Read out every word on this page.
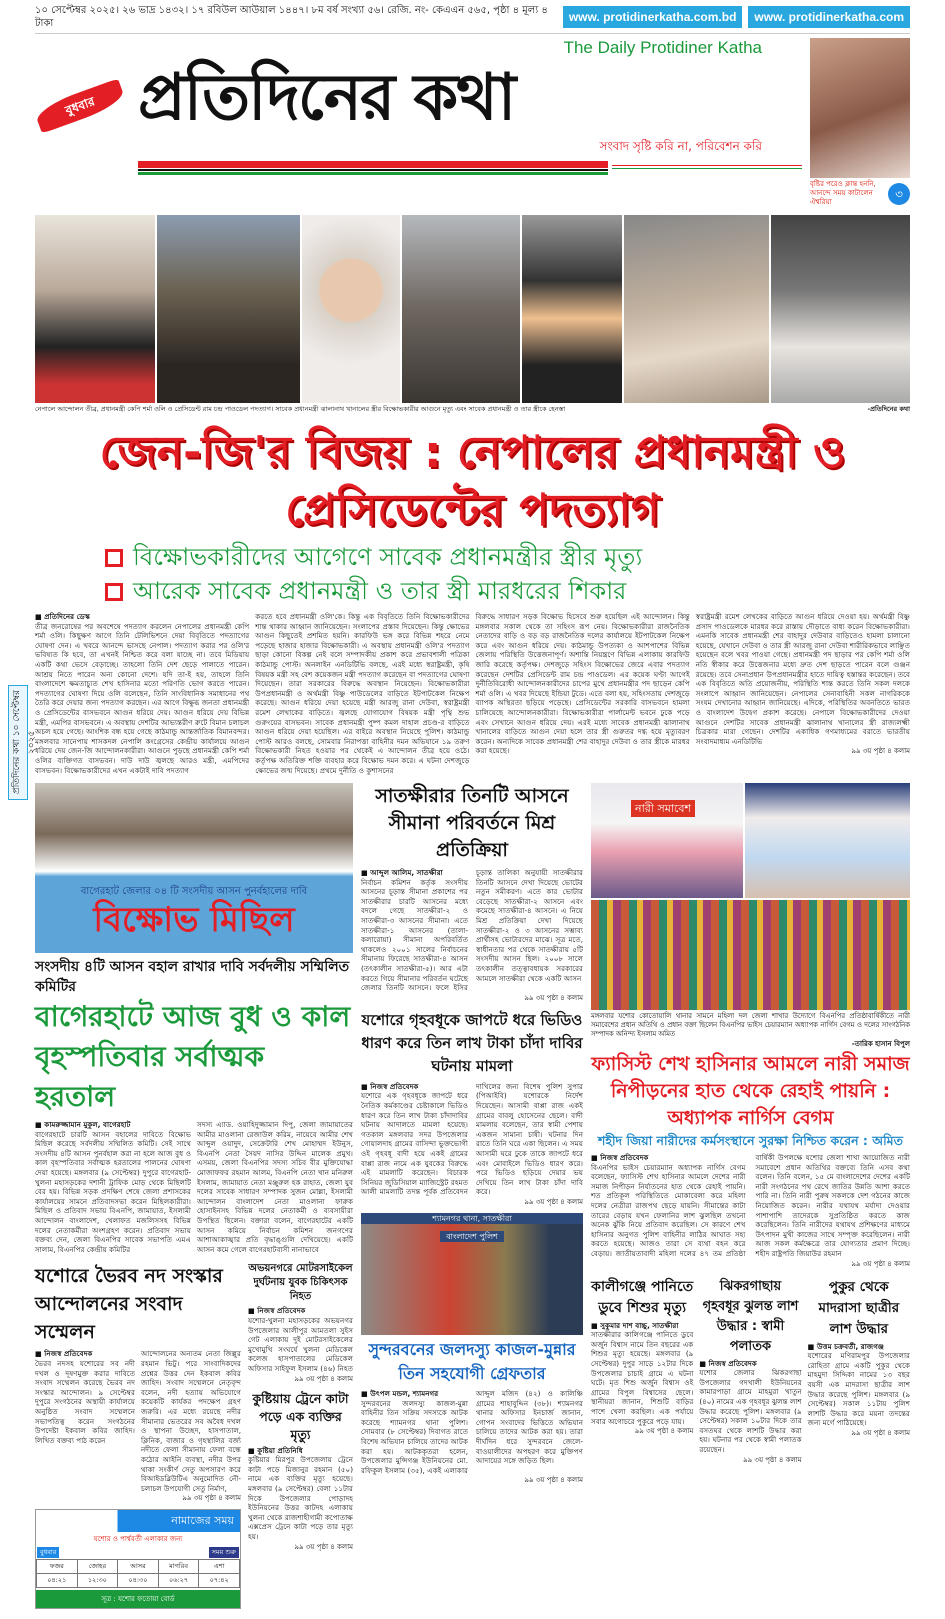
১০ সেপ্টেম্বর ২০২৫। ২৬ ভাদ্র ১৪৩২। ১৭ রবিউল আউয়াল ১৪৪৭। ৮ম বর্ষ সংখ্যা ৫৬। রেজি. নং- কেএএন ৫৬৫, পৃষ্ঠা ৪ মূল্য ৪ টাকা	www. protidinerkatha.com.bd	www. protidinerkatha.com
বুধবার
The Daily Protidiner Katha
প্রতিদিনের কথা
সংবাদ সৃষ্টি করি না, পরিবেশন করি
বৃষ্টির পরেও ক্লান্ত হননি, আনন্দে সময় কাটালেন ঐশ্বরিয়া
৩
নেপালে আন্দোলন তীব্র, প্রধানমন্ত্রী কেপি শর্মা ওলি ও প্রেসিডেন্ট রাম চন্দ্র পাওডেল পদত্যাগ। সাবেক প্রধানমন্ত্রী ঝালানাথ খানালের স্ত্রীর বিক্ষোভকারীর আগুনে মৃত্যু এবং সাবেক প্রধানমন্ত্রী ও তার স্ত্রীকে হেনস্তা	-প্রতিদিনের কথা
জেন-জি'র বিজয় : নেপালের প্রধানমন্ত্রী ও প্রেসিডেন্টের পদত্যাগ
বিক্ষোভকারীদের আগেণে সাবেক প্রধানমন্ত্রীর স্ত্রীর মৃত্যু
আরেক সাবেক প্রধানমন্ত্রী ও তার স্ত্রী মারধরের শিকার
■ প্রতিদিনের ডেস্ক
তীব্র জনরোষের পর অবশেষে পদত্যাগ করলেন নেপালের প্রধানমন্ত্রী কেপি শর্মা ওলি। কিছুক্ষণ আগে তিনি টেলিভিশনে দেয়া বিবৃতিতে পদত্যাগের ঘোষণা দেন। এ খবরে আনন্দে ভাসছে নেপাল। পদত্যাগ করার পর ওলি'র ভবিষ্যত কি হবে, তা এখনই নিশ্চিত করে বলা যাচ্ছে না। তবে মিডিয়ায় একটি কথা ভেসে বেড়াচ্ছে। তাহলো তিনি দেশ ছেড়ে পালাতে পারেন। আশ্রয় নিতে পারেন অন্য কোনো দেশে। যদি তা-ই হয়, তাহলে তিনি বাংলাদেশে ক্ষমতাচ্যুত শেখ হাসিনার মতো পরিণতি ভোগ করতে পারেন। পদত্যাগের ঘোষণা দিয়ে ওলি বলেছেন, তিনি সাংবিধানিক সমাধানের পথ তৈরি করে দেয়ার জন্য পদত্যাগ করছেন। এর আগে বিক্ষুব্ধ জনতা প্রধানমন্ত্রী ও প্রেসিডেন্টের বাসভবনে আগুন ধরিয়ে দেয়। আগুন ধরিয়ে দেয় বিভিন্ন মন্ত্রী, এমপির বাসভবনে। এ অবস্থায় দেশটির আভ্যন্তরীণ রুটে বিমান চলাচল অচল হয়ে গেছে। আংশিক বন্ধ হয়ে গেছে কাঠমান্ডু আন্তর্জাতিক বিমানবন্দর। মঙ্গলবার সানেপায় শাসকদল নেপালি কংগ্রেসের কেন্দ্রীয় কার্যালয়ে আগুন ধরিয়ে দেয় জেন-জি আন্দোলনকারীরা। আগুনে পুড়ছে প্রধানমন্ত্রী কেপি শর্মা ওলির ব্যক্তিগত বাসভবন। দাউ দাউ জ্বলছে আরও মন্ত্রী, এমপিদের বাসভবন। বিক্ষোভকারীদের এখন একটাই দাবি পদত্যাগ
করতে হবে প্রধানমন্ত্রী ওলি'কে। কিন্তু এক বিবৃতিতে তিনি বিক্ষোভকারীদের শান্ত থাকার আহ্বান জানিয়েছেন। সংলাপের প্রস্তাব দিয়েছেন। কিন্তু ক্ষোভের আগুন কিছুতেই প্রশমিত হয়নি। কারফিউ ভঙ্গ করে বিভিন্ন শহরে নেমে পড়েছে হাজার হাজার বিক্ষোভকারী। এ অবস্থায় প্রধানমন্ত্রী ওলি'র পদত্যাগ ছাড়া কোনো বিকল্প নেই বলে সম্পাদকীয় প্রকাশ করে প্রভাবশালী পত্রিকা কাঠমান্ডু পোস্ট। অনলাইন এনডিটিভি বলছে, এরই মধ্যে স্বরাষ্ট্রমন্ত্রী, কৃষি বিষয়ক মন্ত্রী সহ বেশ কয়েকজন মন্ত্রী পদত্যাগ করেছেন বা পদত্যাগের ঘোষণা দিয়েছেন। তারা সরকারের বিরুদ্ধে অবস্থান নিয়েছেন। বিক্ষোভকারীরা উপপ্রধানমন্ত্রী ও অর্থমন্ত্রী বিষ্ণু পাউডেলের বাড়িতে ইটপাটকেল নিক্ষেপ করেছে। আগুন ধরিয়ে দেয়া হয়েছে মন্ত্রী আরজু রানা দেউবা, স্বরাষ্ট্রমন্ত্রী রমেশ লেখাকের বাড়িতে। জ্বলছে যোগাযোগ বিষয়ক মন্ত্রী পৃথ্বি শুভ গুরুংয়ের বাসভবন। সাবেক প্রধানমন্ত্রী পুষ্প কমল দাহাল প্রচণ্ড-র বাড়িতে আগুন ধরিয়ে দেয়া হয়েছিল। এর বাইরে অবস্থান নিয়েছে পুলিশ। কাঠমান্ডু পোস্ট আরও বলছে, সোমবার নিরাপত্তা বাহিনীর দমন অভিযানে ১৯ তরুণ বিক্ষোভকারী নিহত হওয়ার পর থেকেই এ আন্দোলন তীব্র হয়ে ওঠে। কর্তৃপক্ষ অতিরিক্ত শক্তি ব্যবহার করে বিক্ষোভ দমন করে। এ ঘটনা দেশজুড়ে ক্ষোভের জন্ম দিয়েছে। প্রথমে দুর্নীতি ও কুশাসনের
বিরুদ্ধে সাধারণ সড়ক বিক্ষোভ হিসেবে শুরু হয়েছিল এই আন্দোলন। কিন্তু মঙ্গলবার সকাল থেকে তা সহিংস রূপ নেয়। বিক্ষোভকারীরা রাজনৈতিক নেতাদের বাড়ি ও বড় বড় রাজনৈতিক দলের কার্যালয়ে ইটপাটকেল নিক্ষেপ করে এবং আগুন ধরিয়ে দেয়। কাঠমান্ডু উপত্যকা ও আশপাশের বিভিন্ন জেলায় পরিস্থিতি উত্তেজনাপূর্ণ। অশান্তি নিয়ন্ত্রণে বিভিন্ন এলাকায় কারফিউ জারি করেছে কর্তৃপক্ষ। দেশজুড়ে সহিংস বিক্ষোভের জেরে এবার পদত্যাগ করেছেন দেশটির প্রেসিডেন্ট রাম চন্দ্র পাওডেল। এর কয়েক ঘণ্টা আগেই দুর্নীতিবিরোধী আন্দোলনকারীদের চাপের মুখে প্রধানমন্ত্রীর পদ ছাড়েন কেপি শর্মা ওলি। এ খবর দিয়েছে ইন্ডিয়া টুডে। এতে বলা হয়, সহিংসতায় দেশজুড়ে ব্যাপক অস্থিরতা ছড়িয়ে পড়েছে। প্রেসিডেন্টের সরকারি বাসভবনে হামলা চালিয়েছে আন্দোলনকারীরা। বিক্ষোভকারীরা পার্লামেন্ট ভবনে ঢুকে পড়ে এবং সেখানে আগুন ধরিয়ে দেয়। এরই মধ্যে সাবেক প্রধানমন্ত্রী ঝালানাথ খানালের বাড়িতে আগুন দেয়া হলে তার স্ত্রী গুরুতর দগ্ধ হয়ে মৃত্যুবরণ করেন। অন্যদিকে সাবেক প্রধানমন্ত্রী শের বাহাদুর দেউবা ও তার স্ত্রীকে মারধর করা হয়েছে।
স্বরাষ্ট্রমন্ত্রী রমেশ লেখকের বাড়িতে আগুন ধরিয়ে দেওয়া হয়। অর্থমন্ত্রী বিষ্ণু প্রসাদ পাওডেলকে মারধর করে রাস্তায় দৌড়াতে বাধ্য করেন বিক্ষোভকারীরা। এমনকি সাবেক প্রধানমন্ত্রী শের বাহাদুর দেউবার বাড়িতেও হামলা চালানো হয়েছে, যেখানে দেউবা ও তার স্ত্রী আরজু রানা দেউবা শারীরিকভাবে লাঞ্ছিত হয়েছেন বলে খবর পাওয়া গেছে। প্রধানমন্ত্রী পদ ছাড়ার পর কেপি শর্মা ওলি নতি স্বীকার করে উত্তেজনার মধ্যে দ্রুত দেশ ছাড়তে পারেন বলে গুঞ্জন রয়েছে। তবে সেনাপ্রধান উপপ্রধানমন্ত্রীর হাতে দায়িত্ব হস্তান্তর করেছেন। তবে এক বিবৃতিতে অতি প্রয়োজনীয়, পরিস্থিতি শান্ত করতে তিনি সকল দলকে সংলাপে আহ্বান জানিয়েছেন। নেপালের সেনাবাহিনী সকল নাগরিককে সংযম দেখানোর আহ্বান জানিয়েছে। এদিকে, পরিস্থিতির অবনতিতে ভারত ও বাংলাদেশ উদ্বেগ প্রকাশ করেছে। নেপালে বিক্ষোভকারীদের দেওয়া আগুনে দেশটির সাবেক প্রধানমন্ত্রী ঝালানাথ খানালের স্ত্রী রাজ্যলক্ষ্মী চিত্রকার মারা গেছেন। দেশটির একাধিক গণমাধ্যমের বরাতে ভারতীয় সংবাদমাধ্যম এনডিটিভি
৯৯ ৩য় পৃষ্ঠা ৪ কলাম
প্রতিদিনের কথা ১০ সেপ্টেম্বর ২০২৫
বাগেরহাট জেলার ০৪ টি সংসদীয় আসন পুনর্বহালের দাবি
বিক্ষোভ মিছিল
সংসদীয় ৪টি আসন বহাল রাখার দাবি সর্বদলীয় সম্মিলিত কমিটির
বাগেরহাটে আজ বুধ ও কাল
বৃহস্পতিবার সর্বাত্মক হরতাল
■ কামরুজ্জামান মুকুল, বাগেরহাট
বাগেরহাটে চারটি আসন বহালের দাবিতে বিক্ষোভ মিছিল করেছে সর্বদলীয় সম্মিলিত কমিটি। সেই সাথে সংসদীয় ৪টি আসন পুনর্বহাল করা না হলে আজ বুধ ও কাল বৃহস্পতিবার সর্বাত্মক হরতালের পালনের ঘোষণা দেয়া হয়েছে। মঙ্গলবার (৯ সেপ্টেম্বর) দুপুরে বাগেরহাট-খুলনা মহাসড়কের দশানী ট্রাফিক মোড় থেকে মিছিলটি বের হয়। বিভিন্ন সড়ক প্রদক্ষিণ শেষে জেলা প্রশাসকের কার্যালয়ের সামনে প্রতিবাদসভা করেন মিছিলকারীরা। মিছিল ও প্রতিবাদ সভায় বিএনপি, জামায়াত, ইসলামী আন্দোলন বাংলাদেশ, খেলাফত মজলিসসহ বিভিন্ন দলের নেতাকর্মীরা অংশগ্রহণ করেন। প্রতিবাদ সভায় বক্তব্য দেন, জেলা বিএনপির সাবেক সভাপতি এমএ সালাম, বিএনপির কেন্দ্রীয় কমিটির
সদস্য এ্যাড. ওয়াহিদুজ্জামান দিপু, জেলা জামায়াতের আমীর মাওলানা রেজাউল করিম, নায়েবে আমীর শেখ আব্দুল ওয়াদুদ, সেক্রেটারি শেখ মোহাম্মদ ইউনুস, বিএনপি নেতা সৈয়দ নাসির উদ্দিন মালেক প্রমুখ। এসময়, জেলা বিএনপির সদস্য সচিব বীর মুক্তিযোদ্ধা মোজাফফর রহমান আলম, বিএনপি নেতা খান মনিরুল ইসলাম, জামায়াত নেতা মঞ্জুরুল হক রাহাত, জেলা যুব দলের সাবেক সাধারণ সম্পাদক সুজন মোল্লা, ইসলামী আন্দোলন বাংলাদেশ নেতা মাওলানা ফারুক হোসাইনসহ বিভিন্ন দলের নেতাকর্মী ও ব্যবসায়ীরা উপস্থিত ছিলেন। বক্তারা বলেন, বাগেরহাটের একটি আসন কমিয়ে নির্বাচন কমিশন জনগণের আশাআকাঙ্খার প্রতি বৃদ্ধাঙ্গুলি দেখিয়েছে। একটি আসন কমে গেলে বাগেরহাটবাসী নানাভাবে
যশোরে ভৈরব নদ সংস্কার
আন্দোলনের সংবাদ সম্মেলন
■ নিজস্ব প্রতিবেদক
ভৈরব নদসহ যশোরের সব নদী দখল ও দূষণমুক্ত করার দাবিতে সংবাদ সম্মেলন করেছে ভৈরব নদ সংস্কার আন্দোলন। ৯ সেপ্টেম্বর দুপুরে সংগঠনের অস্থায়ী কার্যালয়ে অনুষ্ঠিত সংবাদ সম্মেলনে সভাপতিত্ব করেন সংগঠনের উপদেষ্টা ইকবাল কবির জাহিদ। লিখিত বক্তব্য পাঠ করেন
আন্দোলনের অন্যতম নেতা জিল্লুর রহমান ভিটু। পরে সাংবাদিকদের প্রশ্নের উত্তর দেন ইকবাল কবির জাহিদ। সংবাদ সম্মেলনে নেতৃবৃন্দ বলেন, নদী হত্যায় অভিযোগে কয়েকটি কার্যকর পদক্ষেপ গ্রহণ জরুরি। এর মধ্যে রয়েছে নদীর সীমানার ভেতরের সব অবৈধ দখল ও স্থাপনা উচ্ছেদ, হাসপাতাল, ক্লিনিক, বাজার ও গৃহস্থালির বর্জ্য নদীতে ফেলা সীমানায় ফেলা বন্ধে কঠোর আইনি ব্যবস্থা, নদীর উপর থাকা সংকীর্ণ সেতু অপসারণ করে বিআইডব্লিউটিএ অনুমোদিত নৌ-চলাচল উপযোগী সেতু নির্মাণ,
৯৯ ৩য় পৃষ্ঠা ৪ কলাম
নামাজের সময়
যশোর ও পার্শ্ববর্তী এলাকার জন্য
বুধবার	সময় শুরু
ফজর	জোহর	আসর	মাগরিব	এশা
০৪:২১	১২:৩০	০৪:৩০	০৬:২৭	০৭:৪২
সূত্র : যশোর ফতোয়া বোর্ড
অভয়নগরে মোটরসাইকেল দুর্ঘটনায় যুবক চিকিৎসক নিহত
■ নিজস্ব প্রতিবেদক
যশোর-খুলনা মহাসড়কের অভয়নগর উপজেলার আলীপুর আমতলা সুইস গেট এলাকায় দুই মোটরসাইকেলের মুখোমুখি সংঘর্ষে খুলনা মেডিকেল কলেজ হাসপাতালের মেডিকেল অফিসার সাইফুল ইসলাম (৪৬) নিহত
৯৯ ৩য় পৃষ্ঠা ৪ কলাম
কুষ্টিয়ায় ট্রেনে কাটা পড়ে এক ব্যক্তির মৃত্যু
■ কুষ্টিয়া প্রতিনিধি
কুষ্টিয়ার মিরপুর উপজেলায় ট্রেনে কাটা পড়ে মিজানুর রহমান (৫০) নামে এক ব্যক্তির মৃত্যু হয়েছে। মঙ্গলবার (৯ সেপ্টেম্বর) বেলা ১১টার দিকে উপজেলার পোড়াদহ ইউনিয়নের উত্তর কাটদহ এলাকায় খুলনা থেকে রাজশাহীগামী কপোতাক্ষ এক্সপ্রেস ট্রেনে কাটা পড়ে তার মৃত্যু হয়।
৯৯ ৩য় পৃষ্ঠা ৪ কলাম
সাতক্ষীরার তিনটি আসনে সীমানা পরিবর্তনে মিশ্র প্রতিক্রিয়া
■ আব্দুল আলিম, সাতক্ষীরা
নির্বাচন কমিশন কর্তৃক সংসদীয় আসনের চূড়ান্ত সীমানা প্রকাশের পর সাতক্ষীরার চারটি আসনের মধ্যে বদলে গেছে সাতক্ষীরা-২ ও সাতক্ষীরা-৩ আসনের সীমানা। এতে সাতক্ষীরা-১ আসনের (তালা-কলারোয়া) সীমানা অপরিবর্তিত থাকলেও ২০০১ সালের নির্বাচনের সীমানায় ফিরেছে সাতক্ষীরা-৪ আসন (তৎকালীন সাতক্ষীরা-৫)। আর এটা করতে গিয়ে সীমানার পরিবর্তন ঘটেছে জেলার তিনটি আসনে। ফলে ইসির চূড়ান্ত তালিকা অনুযায়ী সাতক্ষীরার তিনটি আসনে দেখা দিয়েছে ভোটের নতুন সমীকরণ। এতে কার ভোটার বেড়েছে সাতক্ষীরা-২ আসনে এবং কমেছে সাতক্ষীরা-৪ আসনে। এ নিয়ে মিশ্র প্রতিক্রিয়া দেখা দিয়েছে সাতক্ষীরা-২ ও ৩ আসনের সম্ভাব্য প্রার্থীসহ ভোটারদের মাঝে। সূত্র মতে, স্বাধীনতার পর থেকে সাতক্ষীরায় ৫টি সংসদীয় আসন ছিল। ২০০৮ সালে তৎকালীন তত্ত্বাবধায়ক সরকারের আমলে সাতক্ষীরা থেকে একটি আসন
৯৯ ৩য় পৃষ্ঠা ৪ কলাম
যশোরে গৃহবধূকে জাপটে ধরে ভিডিও ধারণ করে তিন লাখ টাকা চাঁদা দাবির ঘটনায় মামলা
■ নিজস্ব প্রতিবেদক
যশোরে এক গৃহবধূকে জাপটে ধরে নৈতিক কর্মকাণ্ডের চেষ্টাকালে ভিডিও ধারণ করে তিন লাখ টাকা চাঁদাদাবির ঘটনায় আদালতে মামলা হয়েছে। গতকাল মঙ্গলবার সদর উপজেলার গোয়ালদাহ গ্রামের বাসিন্দা ভুক্তভোগী ওই গৃহবধূ বাদী হয়ে একই গ্রামের বাপ্পা রাজ নামে এক যুবকের বিরুদ্ধে এই মামলাটি করেছেন। বিচারক সিনিয়র জুডিসিয়াল ম্যাজিস্ট্রেট রহমত আলী মামলাটি তদন্ত পূর্বক প্রতিবেদন দাখিলের জন্য বিশেষ পুলিশ সুপার (পিআইবি) যশোরকে নির্দেশ দিয়েছেন। আসামী বাপ্পা রাজ একই গ্রামের বাবলু হোসেনের ছেলে। বাদী মামলায় বলেছেন, তার স্বামী পেশায় একজন সামান্য চাষী। ঘটনার দিন রাতে তিনি ঘরে একা ছিলেন। এ সময় আসামী ঘরে ঢুকে তাকে জাপটে ধরে এবং মোবাইলে ভিডিও ধারণ করে। পরে ভিডিও ছড়িয়ে দেয়ার ভয় দেখিয়ে তিন লাখ টাকা চাঁদা দাবি করে।
৯৯ ৩য় পৃষ্ঠা ৪ কলাম
শ্যামনগর থানা, সাতক্ষীরা
বাংলাদেশ পুলিশ
সুন্দরবনের জলদস্যু কাজল-মুন্নার তিন সহযোগী গ্রেফতার
■ উৎপল মন্ডল, শ্যামনগর
সুন্দরবনের জলদস্যু কাজল-মুন্না বাহিনীর তিন সক্রিয় সদস্যকে আটক করেছে শ্যামনগর থানা পুলিশ। সোমবার (৮ সেপ্টেম্বর) দিবাগত রাতে বিশেষ অভিযান চালিয়ে তাদের আটক করা হয়। আটককৃতরা হলেন, উপজেলার মুন্সিগঞ্জ ইউনিয়নের মো. রফিকুল ইসলাম (৩৫), একই এলাকার আব্দুল মজিদ (৪২) ও কালিঞ্চি গ্রামের শাহাবুদ্দিন (৩৮)। শ্যামনগর থানার অফিসার ইনচার্জ জানান, গোপন সংবাদের ভিত্তিতে অভিযান চালিয়ে তাদের আটক করা হয়। তারা দীর্ঘদিন ধরে সুন্দরবনে জেলে-বাওয়ালীদের অপহরণ করে মুক্তিপণ আদায়ের সঙ্গে জড়িত ছিল।
৯৯ ৩য় পৃষ্ঠা ৪ কলাম
নারী সমাবেশ
মঙ্গলবার যশোর কোতোয়ালি থানার সামনে মহিলা দল জেলা শাখার উদ্যোগে বিএনপির প্রতিষ্ঠাবার্ষিকীতে নারী সমাবেশের প্রধান অতিথি ও প্রধান বক্তা ছিলেন বিএনপির ভাইস চেয়ারম্যান অধ্যাপক নার্গিস বেগম ও দলের সাংগঠনিক সম্পাদক অনিন্দ্য ইসলাম অমিত
-তারিক হাসান বিপুল
ফ্যাসিস্ট শেখ হাসিনার আমলে নারী সমাজ নিপীড়নের হাত থেকে রেহাই পায়নি : অধ্যাপক নার্গিস বেগম
শহীদ জিয়া নারীদের কর্মসংস্থানে সুরক্ষা নিশ্চিত করেন : অমিত
■ নিজস্ব প্রতিবেদক
বিএনপির ভাইস চেয়ারম্যান অধ্যাপক নার্গিস বেগম বলেছেন, ফ্যাসিস্ট শেখ হাসিনার আমলে দেশের নারী সমাজ নিপীড়ন নির্যাতনের হাত থেকে রেহাই পায়নি। শত প্রতিকূল পরিস্থিতিতে মোকাবেলা করে মহিলা দলের নেত্রীরা রাজপথ ছেড়ে যায়নি। সীমান্তের কাটা তারের বেড়ায় যখন ফেলানির লাশ ঝুলছিল তখনো অনেক ঝুঁকি নিয়ে প্রতিবাদ করেছিল। সে কারণে শেখ হাসিনার অনুগত পুলিশ বাহিনীর লাঠির আঘাত সহ্য করতে হয়েছে। আজও তারা সে ব্যথা বহন করে বেড়ায়। জাতীয়তাবাদী মহিলা দলের ৪৭ তম প্রতিষ্ঠা বার্ষিকী উপলক্ষে যশোর জেলা শাখা আয়োজিত নারী সমাবেশে প্রধান অতিথির বক্তব্যে তিনি এসব কথা বলেন। তিনি বলেন, ১৫ মে বাংলাদেশের দেশের একটি নারী সংগঠনের পথ রেখে জাতির উন্নতি আশা করতে পারি না। তিনি নারী পুরুষ সকলকে দেশ গঠনের কাজে নিয়োজিত করেন। নারীর যথাযথ মর্যাদা দেওয়ার পাশাপাশি তাদেরকে সুপ্রতিষ্ঠিত করতে কাজ করেছিলেন। তিনি নারীদের যথাযথ প্রশিক্ষণের মাধ্যমে উৎপাদন মুখী কাজের সাথে সম্পৃক্ত করেছিলেন। নারী আজ সকল কর্মক্ষেত্রে তার যোগ্যতার প্রমাণ দিচ্ছে। শহীদ রাষ্ট্রপতি জিয়াউর রহমান
৯৯ ৩য় পৃষ্ঠা ৪ কলাম
কালীগঞ্জে পানিতে ডুবে শিশুর মৃত্যু
■ সুকুমার দাশ বাচ্চু, সাতক্ষীরা
সাতক্ষীরার কালিগঞ্জে পানিতে ডুবে অর্জুন বিশ্বাস নামে তিন বছরের এক শিশুর মৃত্যু হয়েছে। মঙ্গলবার (৯ সেপ্টেম্বর) দুপুর সাড়ে ১২টার দিকে উপজেলার চাচাই গ্রামে এ ঘটনা ঘটে। মৃত শিশু অর্জুন বিশ্বাস ওই গ্রামের বিপুল বিশ্বাসের ছেলে। স্থানীয়রা জানান, শিশুটি বাড়ির পাশে খেলা করছিল। এক পর্যায়ে সবার অগোচরে পুকুরে পড়ে যায়।
৯৯ ৩য় পৃষ্ঠা ৪ কলাম
ঝিকরগাছায় গৃহবধূর ঝুলন্ত লাশ উদ্ধার : স্বামী পলাতক
■ নিজস্ব প্রতিবেদক
যশোর জেলার ঝিকরগাছা উপজেলার গদখালী ইউনিয়নের কামারপাড়া গ্রামে মাহমুরা খাতুন (৪০) নামের এক গৃহবধূর ঝুলন্ত লাশ উদ্ধার করেছে পুলিশ। মঙ্গলবার (৯ সেপ্টেম্বর) সকাল ১০টার দিকে তার বসতঘর থেকে লাশটি উদ্ধার করা হয়। ঘটনার পর থেকে স্বামী পলাতক রয়েছেন।
৯৯ ৩য় পৃষ্ঠা ৪ কলাম
পুকুর থেকে মাদরাসা ছাত্রীর লাশ উদ্ধার
■ উত্তম চক্রবর্তী, রাজগঞ্জ
যশোরের মণিরামপুর উপজেলার রোহিতা গ্রামে একটি পুকুর থেকে মাহমুদা সিদ্দিকা নামের ১৩ বছর বয়সী এক মাদরাসা ছাত্রীর লাশ উদ্ধার করেছে পুলিশ। মঙ্গলবার (৯ সেপ্টেম্বর) সকাল ১১টায় পুলিশ লাশটি উদ্ধার করে ময়না তদন্তের জন্য মর্গে পাঠিয়েছে।
৯৯ ৩য় পৃষ্ঠা ৪ কলাম
